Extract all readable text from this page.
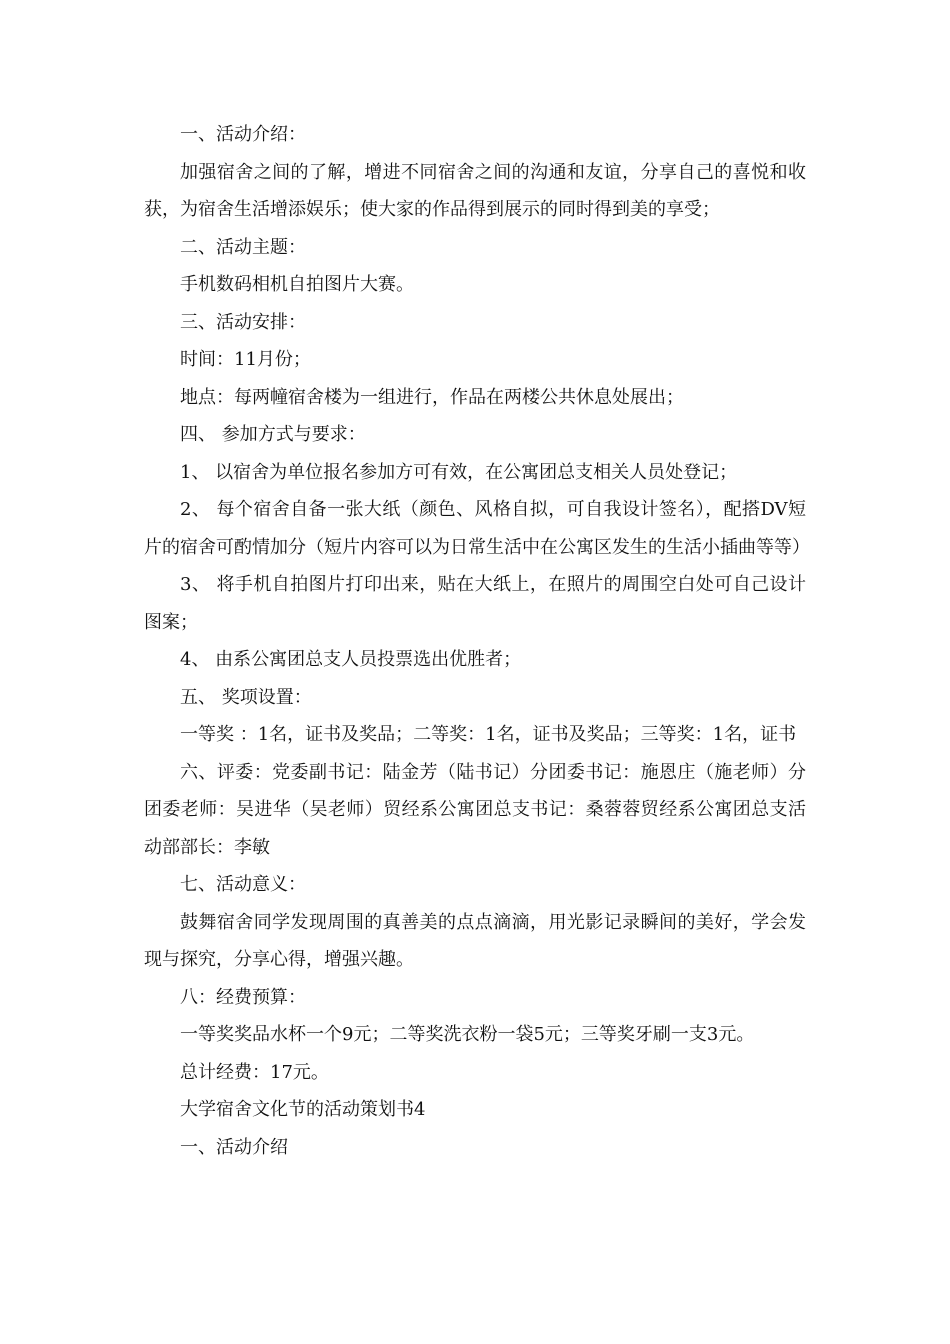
一、活动介绍：

加强宿舍之间的了解，增进不同宿舍之间的沟通和友谊，分享自己的喜悦和收获，为宿舍生活增添娱乐；使大家的作品得到展示的同时得到美的享受；

二、活动主题：

手机数码相机自拍图片大赛。

三、活动安排：

时间：11月份；

地点：每两幢宿舍楼为一组进行，作品在两楼公共休息处展出；

四、 参加方式与要求：

1、 以宿舍为单位报名参加方可有效，在公寓团总支相关人员处登记；

2、 每个宿舍自备一张大纸（颜色、风格自拟，可自我设计签名），配搭DV短片的宿舍可酌情加分（短片内容可以为日常生活中在公寓区发生的生活小插曲等等）

3、 将手机自拍图片打印出来，贴在大纸上，在照片的周围空白处可自己设计图案；

4、 由系公寓团总支人员投票选出优胜者；

五、 奖项设置：

一等奖 ：1名，证书及奖品；二等奖：1名，证书及奖品；三等奖：1名，证书

六、评委：党委副书记：陆金芳（陆书记）分团委书记：施恩庄（施老师）分团委老师：吴进华（吴老师）贸经系公寓团总支书记：桑蓉蓉贸经系公寓团总支活动部部长：李敏

七、活动意义：

鼓舞宿舍同学发现周围的真善美的点点滴滴，用光影记录瞬间的美好，学会发现与探究，分享心得，增强兴趣。

八：经费预算：

一等奖奖品水杯一个9元；二等奖洗衣粉一袋5元；三等奖牙刷一支3元。

总计经费：17元。

大学宿舍文化节的活动策划书4

一、活动介绍
